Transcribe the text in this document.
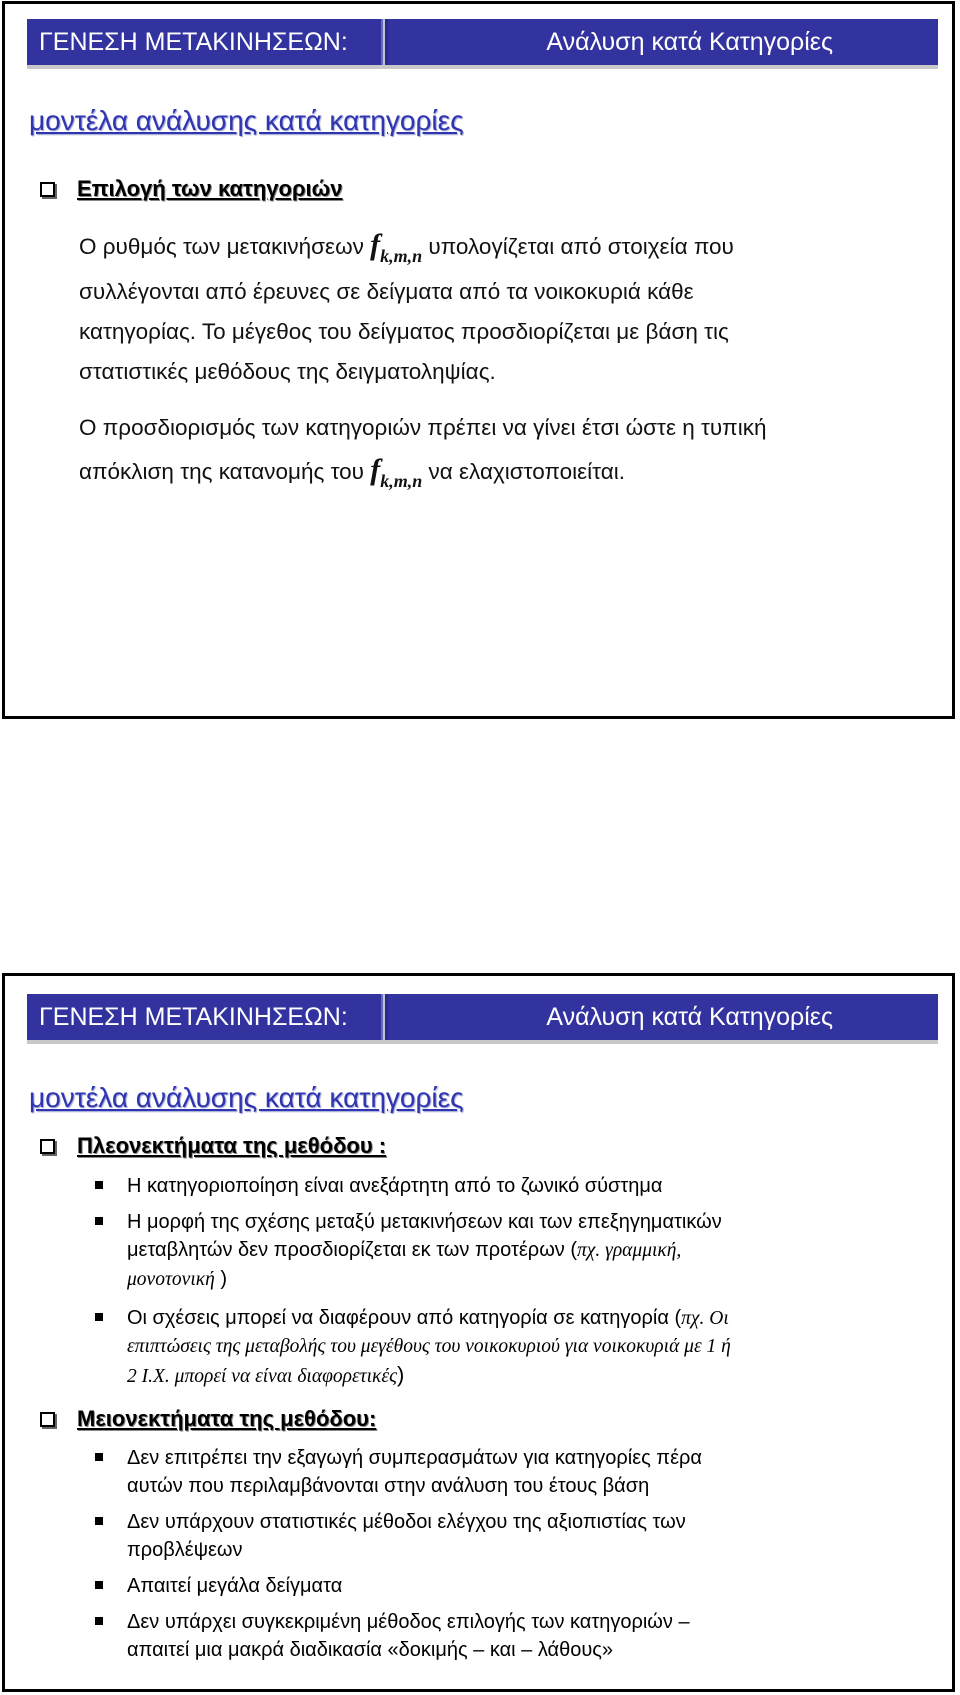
ΓΕΝΕΣΗ ΜΕΤΑΚΙΝΗΣΕΩΝ:	Ανάλυση κατά Κατηγορίες
μοντέλα ανάλυσης κατά κατηγορίες
Επιλογή των κατηγοριών
Ο ρυθμός των μετακινήσεων $f_{k,m,n}$ υπολογίζεται από στοιχεία που
συλλέγονται από έρευνες σε δείγματα από τα νοικοκυριά κάθε
κατηγορίας. Το μέγεθος του δείγματος προσδιορίζεται με βάση τις
στατιστικές μεθόδους της δειγματοληψίας.
Ο προσδιορισμός των κατηγοριών πρέπει να γίνει έτσι ώστε η τυπική
απόκλιση της κατανομής του $f_{k,m,n}$ να ελαχιστοποιείται.
ΓΕΝΕΣΗ ΜΕΤΑΚΙΝΗΣΕΩΝ:	Ανάλυση κατά Κατηγορίες
μοντέλα ανάλυσης κατά κατηγορίες
Πλεονεκτήματα της μεθόδου :
Η κατηγοριοποίηση είναι ανεξάρτητη από το ζωνικό σύστημα
Η μορφή της σχέσης μεταξύ μετακινήσεων και των επεξηγηματικών
μεταβλητών δεν προσδιορίζεται εκ των προτέρων (πχ. γραμμική,
μονοτονική )
Οι σχέσεις μπορεί να διαφέρουν από κατηγορία σε κατηγορία (πχ. Οι
επιπτώσεις της μεταβολής του μεγέθους του νοικοκυριού για νοικοκυριά με 1 ή
2 Ι.Χ. μπορεί να είναι διαφορετικές)
Μειονεκτήματα της μεθόδου:
Δεν επιτρέπει την εξαγωγή συμπερασμάτων για κατηγορίες πέρα
αυτών που περιλαμβάνονται στην ανάλυση του έτους βάση
Δεν υπάρχουν στατιστικές μέθοδοι ελέγχου της αξιοπιστίας των
προβλέψεων
Απαιτεί μεγάλα δείγματα
Δεν υπάρχει συγκεκριμένη μέθοδος επιλογής των κατηγοριών –
απαιτεί μια μακρά διαδικασία «δοκιμής – και – λάθους»
